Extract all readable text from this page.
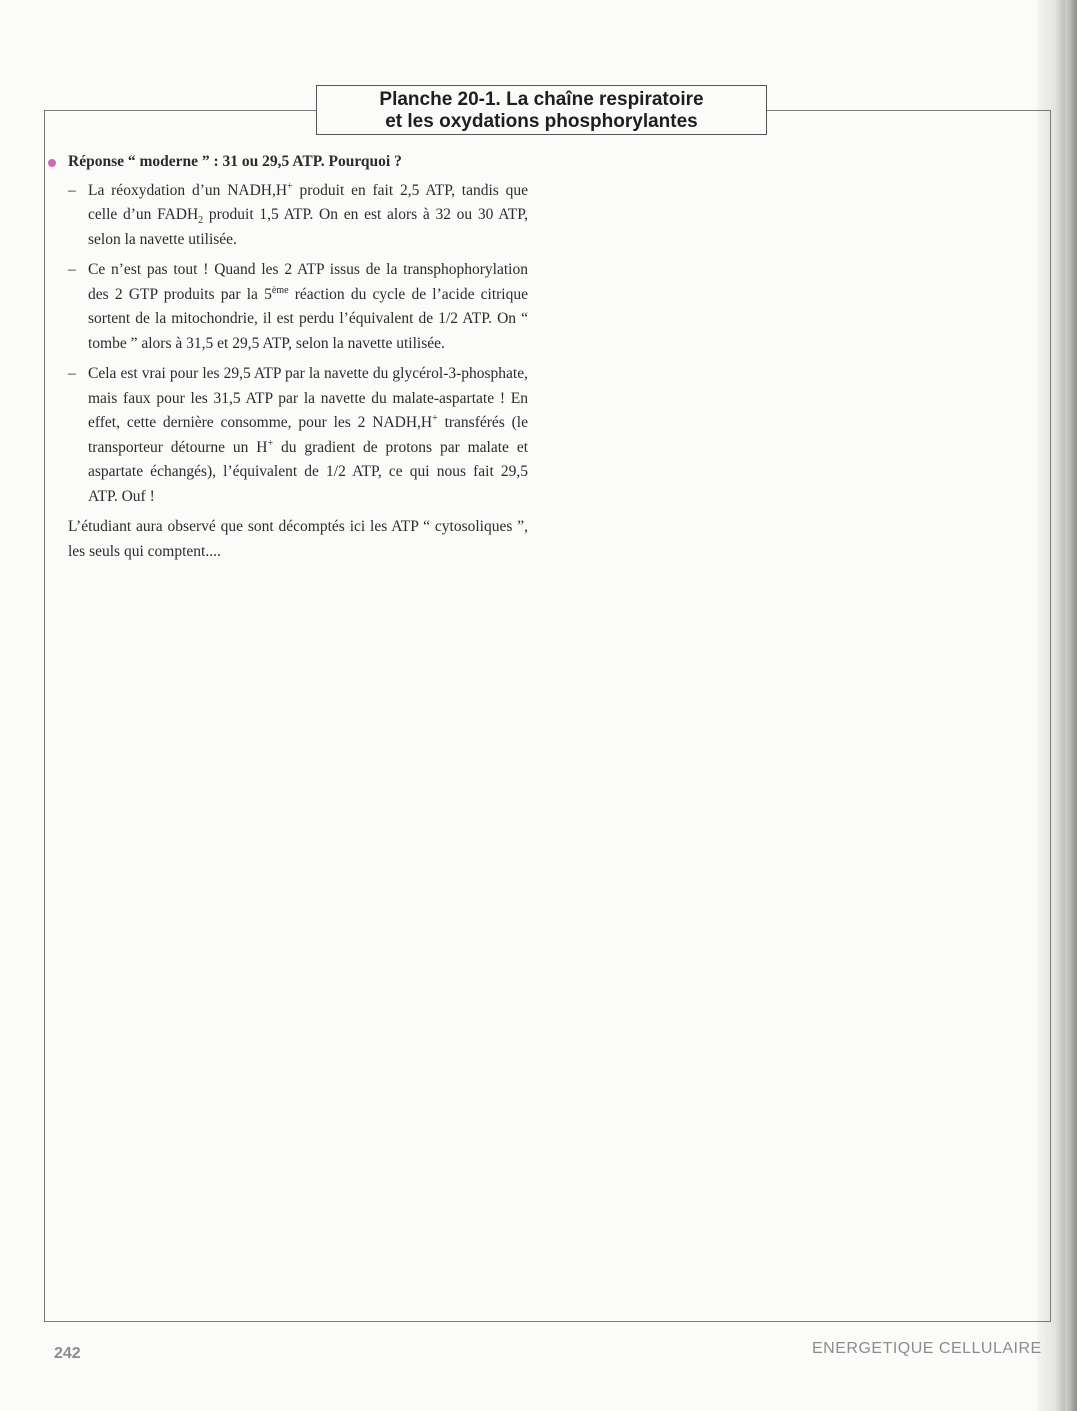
Planche 20-1. La chaîne respiratoire
et les oxydations phosphorylantes
Réponse “ moderne ” : 31 ou 29,5 ATP. Pourquoi ?
– La réoxydation d’un NADH,H+ produit en fait 2,5 ATP, tandis que celle d’un $FADH_2$ produit 1,5 ATP. On en est alors à 32 ou 30 ATP, selon la navette utilisée.
– Ce n’est pas tout ! Quand les 2 ATP issus de la transphophorylation des 2 GTP produits par la 5ème réaction du cycle de l’acide citrique sortent de la mitochondrie, il est perdu l’équivalent de 1/2 ATP. On “ tombe ” alors à 31,5 et 29,5 ATP, selon la navette utilisée.
– Cela est vrai pour les 29,5 ATP par la navette du glycérol-3-phosphate, mais faux pour les 31,5 ATP par la navette du malate-aspartate ! En effet, cette dernière consomme, pour les 2 NADH,H+ transférés (le transporteur détourne un H+ du gradient de protons par malate et aspartate échangés), l’équivalent de 1/2 ATP, ce qui nous fait 29,5 ATP. Ouf !
L’étudiant aura observé que sont décomptés ici les ATP “ cytosoliques ”, les seuls qui comptent....
242	ENERGETIQUE CELLULAIRE
